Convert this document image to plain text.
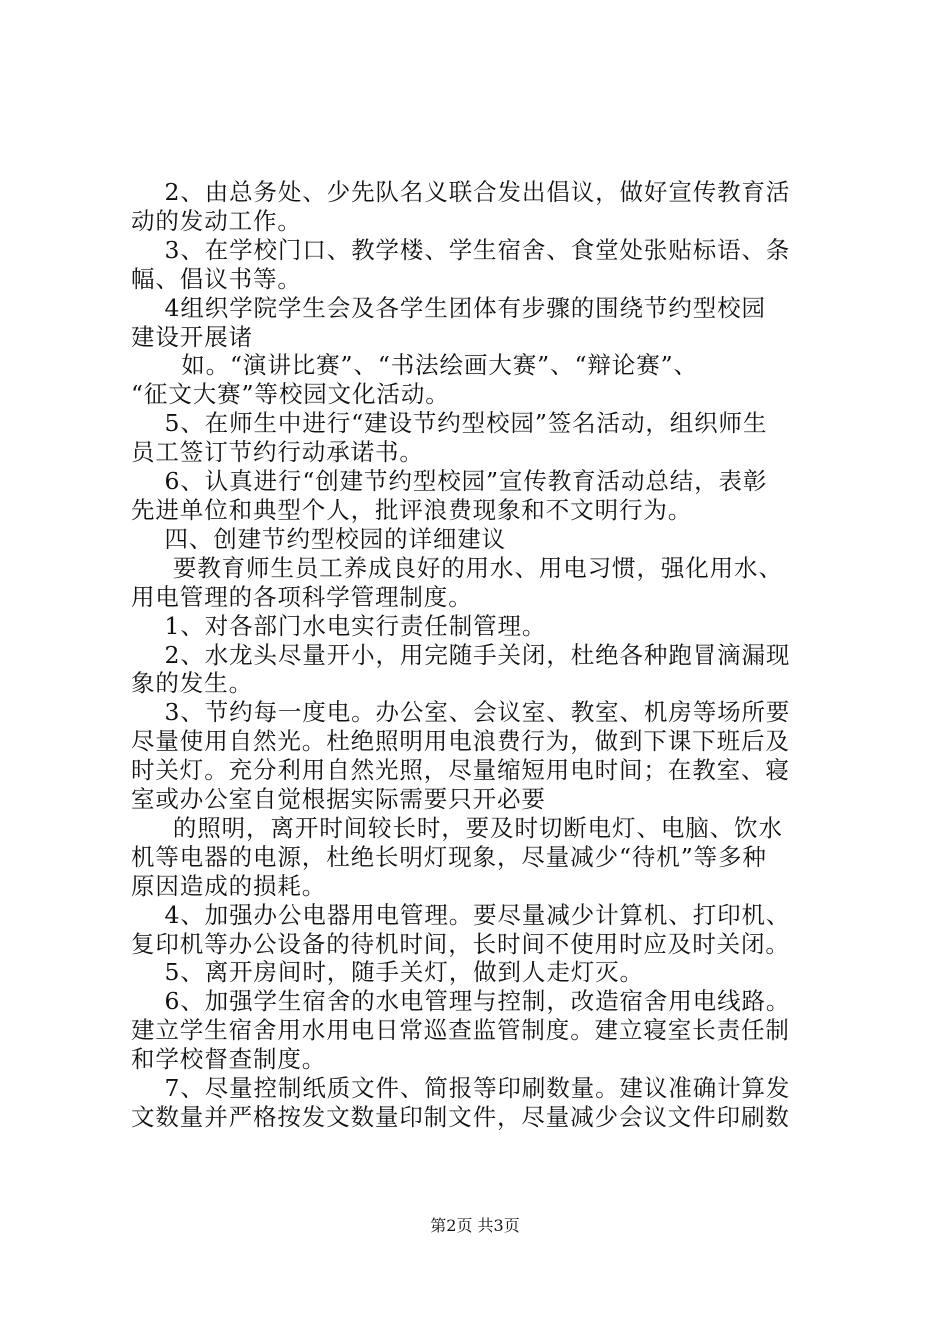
2、由总务处、少先队名义联合发出倡议，做好宣传教育活
动的发动工作。
3、在学校门口、教学楼、学生宿舍、食堂处张贴标语、条
幅、倡议书等。
4组织学院学生会及各学生团体有步骤的围绕节约型校园
建设开展诸
如。“演讲比赛”、“书法绘画大赛”、“辩论赛”、
“征文大赛”等校园文化活动。
5、在师生中进行“建设节约型校园”签名活动，组织师生
员工签订节约行动承诺书。
6、认真进行“创建节约型校园”宣传教育活动总结，表彰
先进单位和典型个人，批评浪费现象和不文明行为。
四、创建节约型校园的详细建议
要教育师生员工养成良好的用水、用电习惯，强化用水、
用电管理的各项科学管理制度。
1、对各部门水电实行责任制管理。
2、水龙头尽量开小，用完随手关闭，杜绝各种跑冒滴漏现
象的发生。
3、节约每一度电。办公室、会议室、教室、机房等场所要
尽量使用自然光。杜绝照明用电浪费行为，做到下课下班后及
时关灯。充分利用自然光照，尽量缩短用电时间；在教室、寝
室或办公室自觉根据实际需要只开必要
的照明，离开时间较长时，要及时切断电灯、电脑、饮水
机等电器的电源，杜绝长明灯现象，尽量减少“待机”等多种
原因造成的损耗。
4、加强办公电器用电管理。要尽量减少计算机、打印机、
复印机等办公设备的待机时间，长时间不使用时应及时关闭。
5、离开房间时，随手关灯，做到人走灯灭。
6、加强学生宿舍的水电管理与控制，改造宿舍用电线路。
建立学生宿舍用水用电日常巡查监管制度。建立寝室长责任制
和学校督查制度。
7、尽量控制纸质文件、简报等印刷数量。建议准确计算发
文数量并严格按发文数量印制文件，尽量减少会议文件印刷数
第2页 共3页
